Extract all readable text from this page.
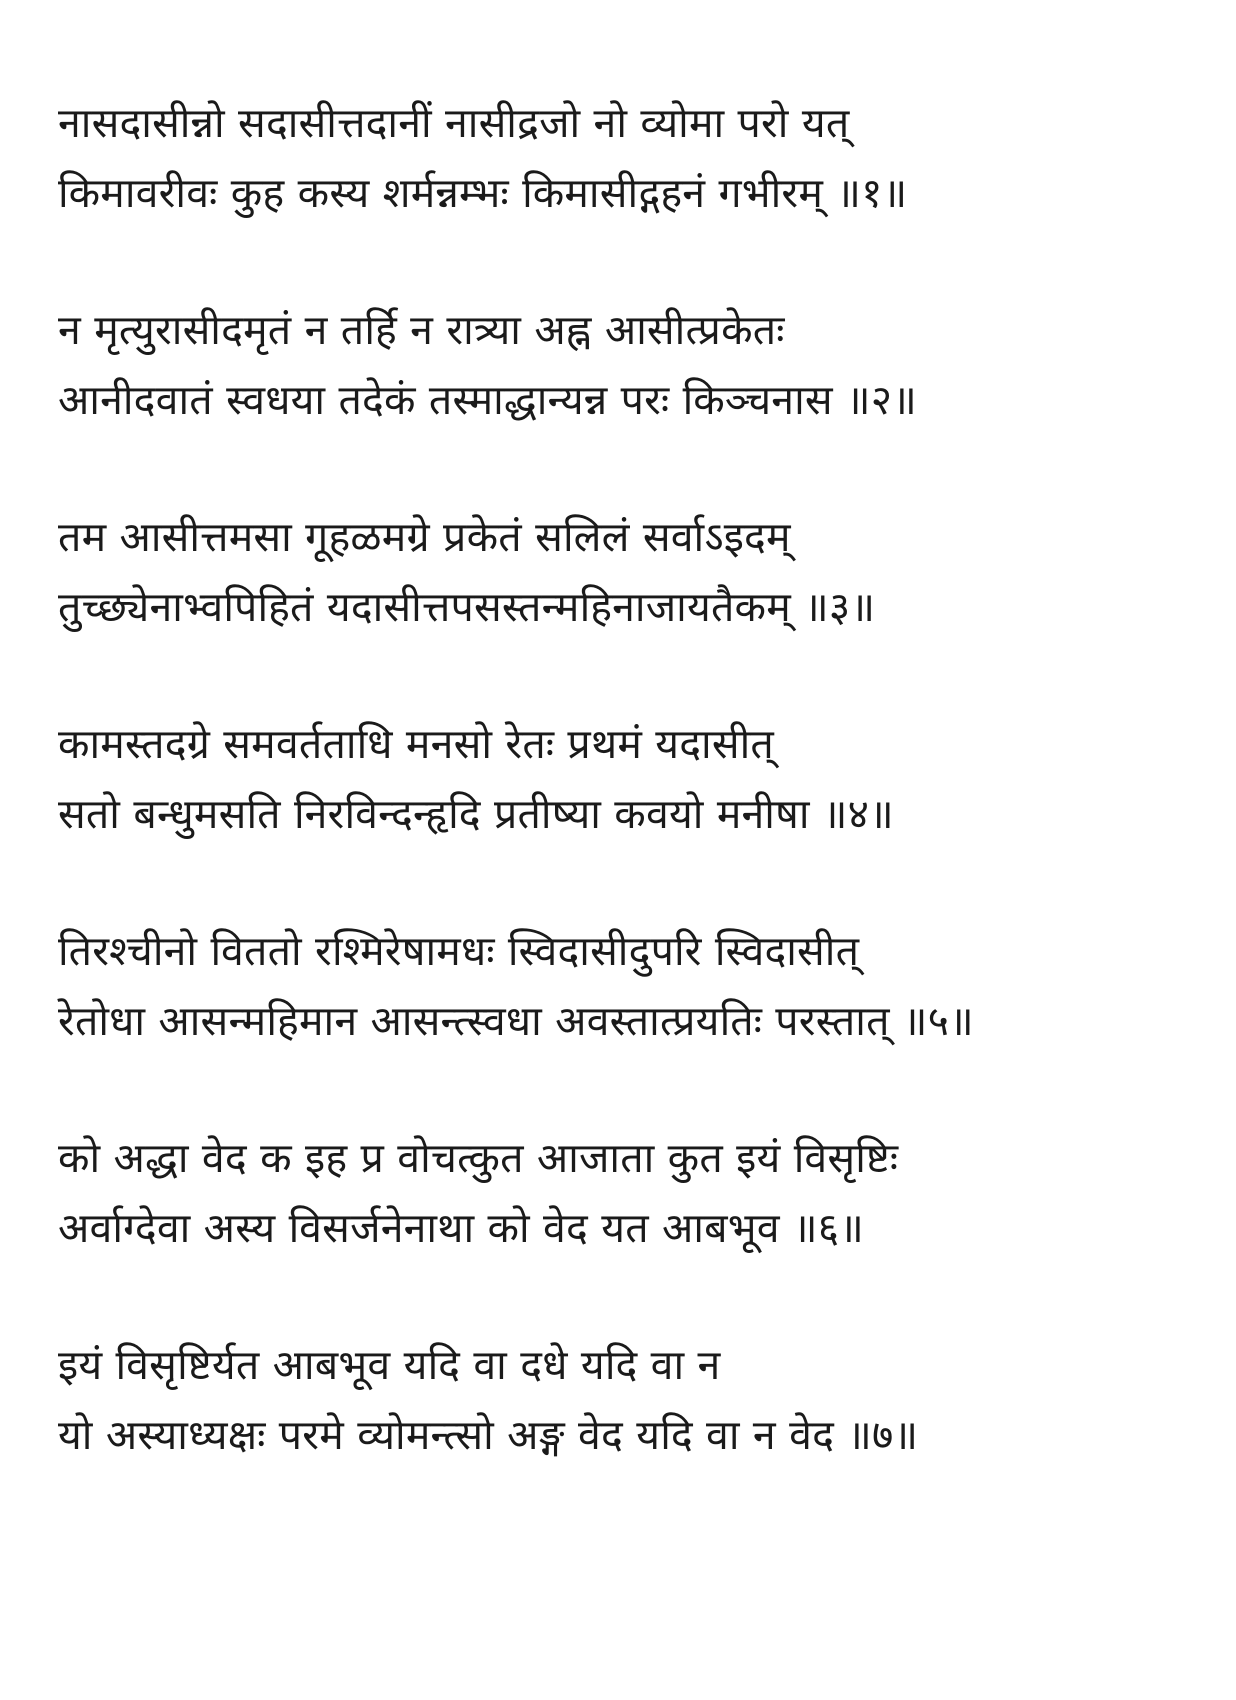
नासदासीन्नो सदासीत्तदानीं नासीद्रजो नो व्योमा परो यत्
किमावरीवः कुह कस्य शर्मन्नम्भः किमासीद्गहनं गभीरम् ॥१॥
न मृत्युरासीदमृतं न तर्हि न रात्र्या अह्न आसीत्प्रकेतः
आनीदवातं स्वधया तदेकं तस्माद्धान्यन्न परः किञ्चनास ॥२॥
तम आसीत्तमसा गूहळमग्रे प्रकेतं सलिलं सर्वाऽइदम्
तुच्छ्येनाभ्वपिहितं यदासीत्तपसस्तन्महिनाजायतैकम् ॥३॥
कामस्तदग्रे समवर्तताधि मनसो रेतः प्रथमं यदासीत्
सतो बन्धुमसति निरविन्दन्हृदि प्रतीष्या कवयो मनीषा ॥४॥
तिरश्चीनो विततो रश्मिरेषामधः स्विदासीदुपरि स्विदासीत्
रेतोधा आसन्महिमान आसन्त्स्वधा अवस्तात्प्रयतिः परस्तात् ॥५॥
को अद्धा वेद क इह प्र वोचत्कुत आजाता कुत इयं विसृष्टिः
अर्वाग्देवा अस्य विसर्जनेनाथा को वेद यत आबभूव ॥६॥
इयं विसृष्टिर्यत आबभूव यदि वा दधे यदि वा न
यो अस्याध्यक्षः परमे व्योमन्त्सो अङ्ग वेद यदि वा न वेद ॥७॥
